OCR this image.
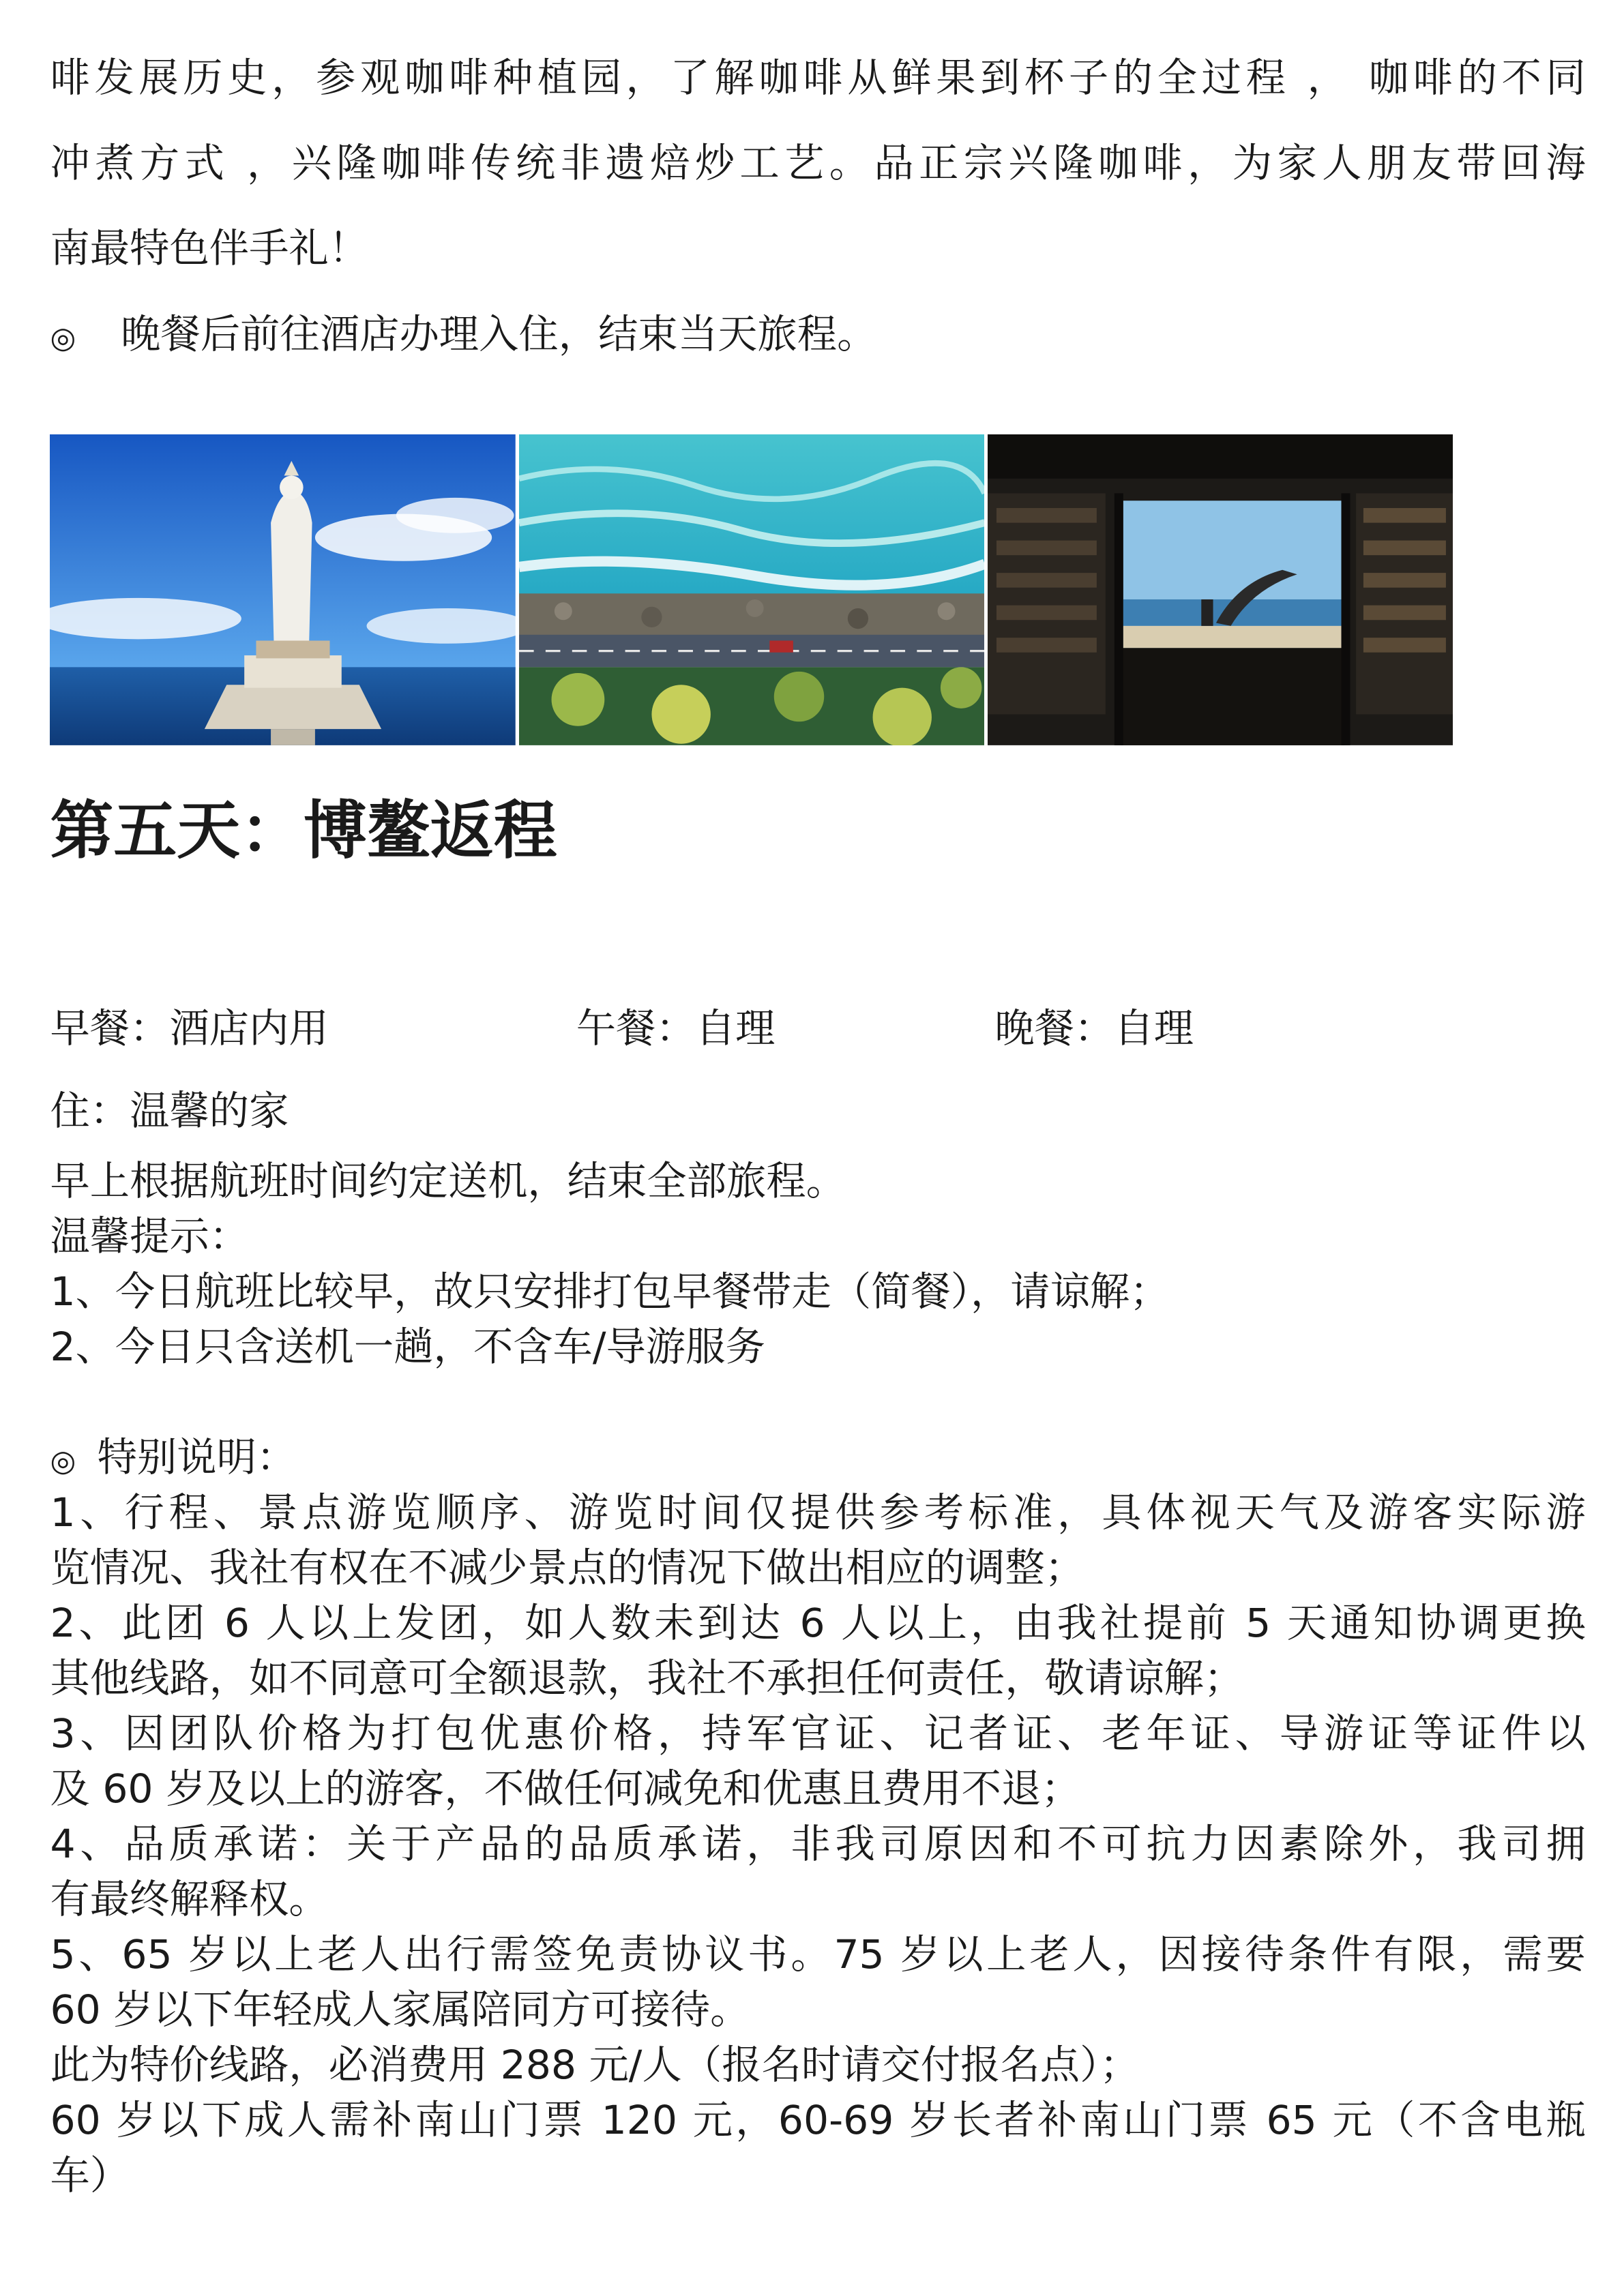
啡发展历史，参观咖啡种植园，了解咖啡从鲜果到杯子的全过程 ， 咖啡的不同
冲煮方式 ，兴隆咖啡传统非遗焙炒工艺。品正宗兴隆咖啡，为家人朋友带回海
南最特色伴手礼！
◎ 晚餐后前往酒店办理入住，结束当天旅程。
第五天：博鳌返程
早餐：酒店内用	午餐：自理	晚餐：自理
住：温馨的家
早上根据航班时间约定送机，结束全部旅程。
温馨提示：
1、今日航班比较早，故只安排打包早餐带走（简餐），请谅解；
2、今日只含送机一趟，不含车/导游服务
◎ 特别说明：
1、行程、景点游览顺序、游览时间仅提供参考标准，具体视天气及游客实际游
览情况、我社有权在不减少景点的情况下做出相应的调整；
2、此团 6 人以上发团，如人数未到达 6 人以上，由我社提前 5 天通知协调更换
其他线路，如不同意可全额退款，我社不承担任何责任，敬请谅解；
3、因团队价格为打包优惠价格，持军官证、记者证、老年证、导游证等证件以
及 60 岁及以上的游客，不做任何减免和优惠且费用不退；
4、品质承诺：关于产品的品质承诺，非我司原因和不可抗力因素除外，我司拥
有最终解释权。
5、65 岁以上老人出行需签免责协议书。75 岁以上老人，因接待条件有限，需要
60 岁以下年轻成人家属陪同方可接待。
此为特价线路，必消费用 288 元/人（报名时请交付报名点）；
60 岁以下成人需补南山门票 120 元，60-69 岁长者补南山门票 65 元（不含电瓶
车）
